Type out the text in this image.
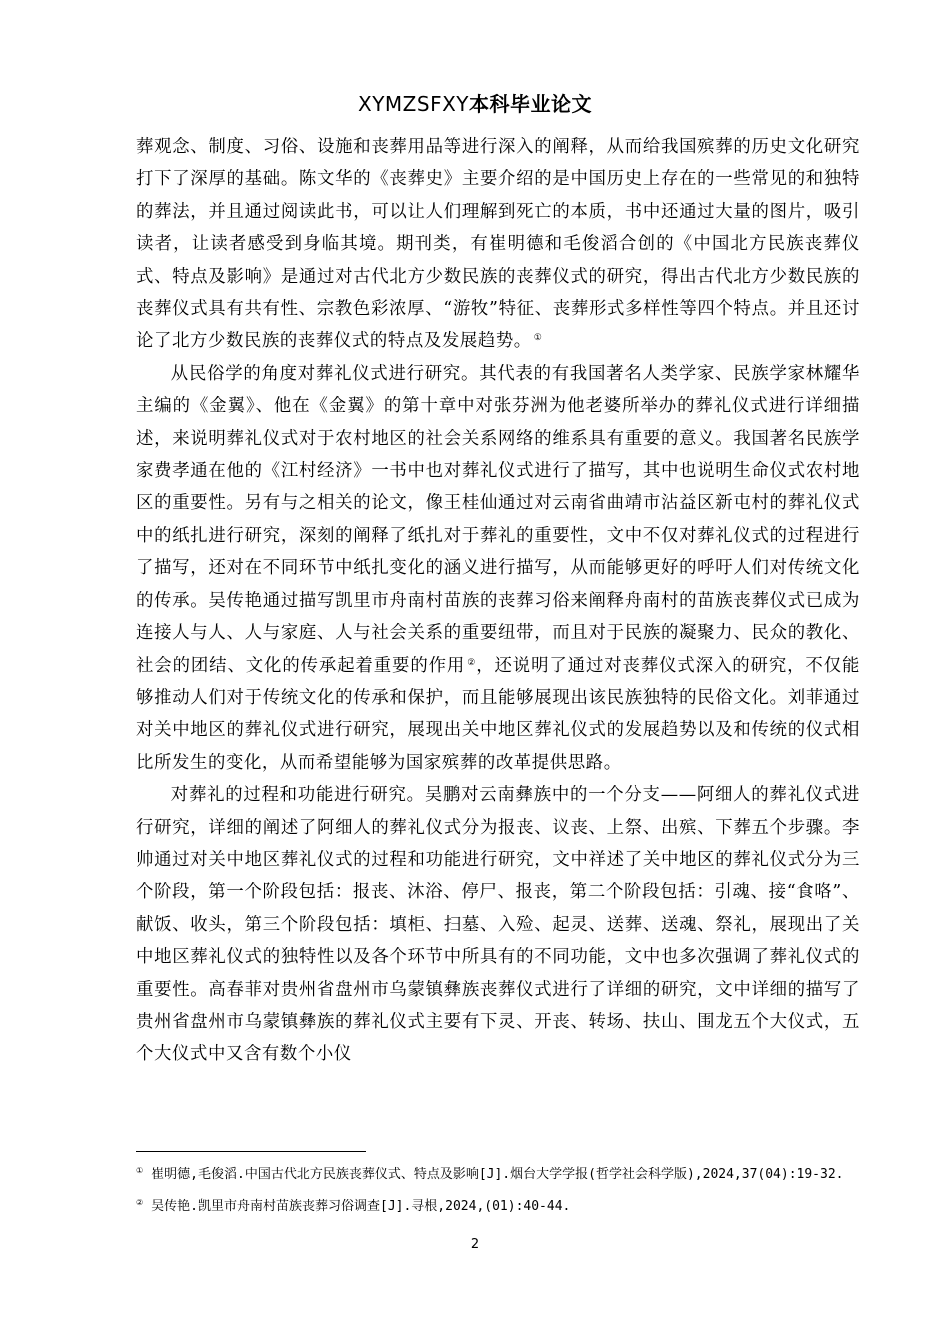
XYMZSFXY本科毕业论文

葬观念、制度、习俗、设施和丧葬用品等进行深入的阐释，从而给我国殡葬的历史文化研究打下了深厚的基础。陈文华的《丧葬史》主要介绍的是中国历史上存在的一些常见的和独特的葬法，并且通过阅读此书，可以让人们理解到死亡的本质，书中还通过大量的图片，吸引读者，让读者感受到身临其境。期刊类，有崔明德和毛俊滔合创的《中国北方民族丧葬仪式、特点及影响》是通过对古代北方少数民族的丧葬仪式的研究，得出古代北方少数民族的丧葬仪式具有共有性、宗教色彩浓厚、“游牧”特征、丧葬形式多样性等四个特点。并且还讨论了北方少数民族的丧葬仪式的特点及发展趋势。 ①

从民俗学的角度对葬礼仪式进行研究。其代表的有我国著名人类学家、民族学家林耀华主编的《金翼》、他在《金翼》的第十章中对张芬洲为他老婆所举办的葬礼仪式进行详细描述，来说明葬礼仪式对于农村地区的社会关系网络的维系具有重要的意义。我国著名民族学家费孝通在他的《江村经济》一书中也对葬礼仪式进行了描写，其中也说明生命仪式农村地区的重要性。另有与之相关的论文，像王桂仙通过对云南省曲靖市沾益区新屯村的葬礼仪式中的纸扎进行研究，深刻的阐释了纸扎对于葬礼的重要性，文中不仅对葬礼仪式的过程进行了描写，还对在不同环节中纸扎变化的涵义进行描写，从而能够更好的呼吁人们对传统文化的传承。吴传艳通过描写凯里市舟南村苗族的丧葬习俗来阐释舟南村的苗族丧葬仪式已成为连接人与人、人与家庭、人与社会关系的重要纽带，而且对于民族的凝聚力、民众的教化、社会的团结、文化的传承起着重要的作用 ②，还说明了通过对丧葬仪式深入的研究，不仅能够推动人们对于传统文化的传承和保护，而且能够展现出该民族独特的民俗文化。刘菲通过对关中地区的葬礼仪式进行研究，展现出关中地区葬礼仪式的发展趋势以及和传统的仪式相比所发生的变化，从而希望能够为国家殡葬的改革提供思路。

对葬礼的过程和功能进行研究。吴鹏对云南彝族中的一个分支——阿细人的葬礼仪式进行研究，详细的阐述了阿细人的葬礼仪式分为报丧、议丧、上祭、出殡、下葬五个步骤。李帅通过对关中地区葬礼仪式的过程和功能进行研究，文中祥述了关中地区的葬礼仪式分为三个阶段，第一个阶段包括：报丧、沐浴、停尸、报丧，第二个阶段包括：引魂、接“食咯”、献饭、收头，第三个阶段包括：填柜、扫墓、入殓、起灵、送葬、送魂、祭礼，展现出了关中地区葬礼仪式的独特性以及各个环节中所具有的不同功能，文中也多次强调了葬礼仪式的重要性。高春菲对贵州省盘州市乌蒙镇彝族丧葬仪式进行了详细的研究，文中详细的描写了贵州省盘州市乌蒙镇彝族的葬礼仪式主要有下灵、开丧、转场、扶山、围龙五个大仪式，五个大仪式中又含有数个小仪

① 崔明德,毛俊滔.中国古代北方民族丧葬仪式、特点及影响[J].烟台大学学报(哲学社会科学版),2024,37(04):19-32.

② 吴传艳.凯里市舟南村苗族丧葬习俗调查[J].寻根,2024,(01):40-44.

2
